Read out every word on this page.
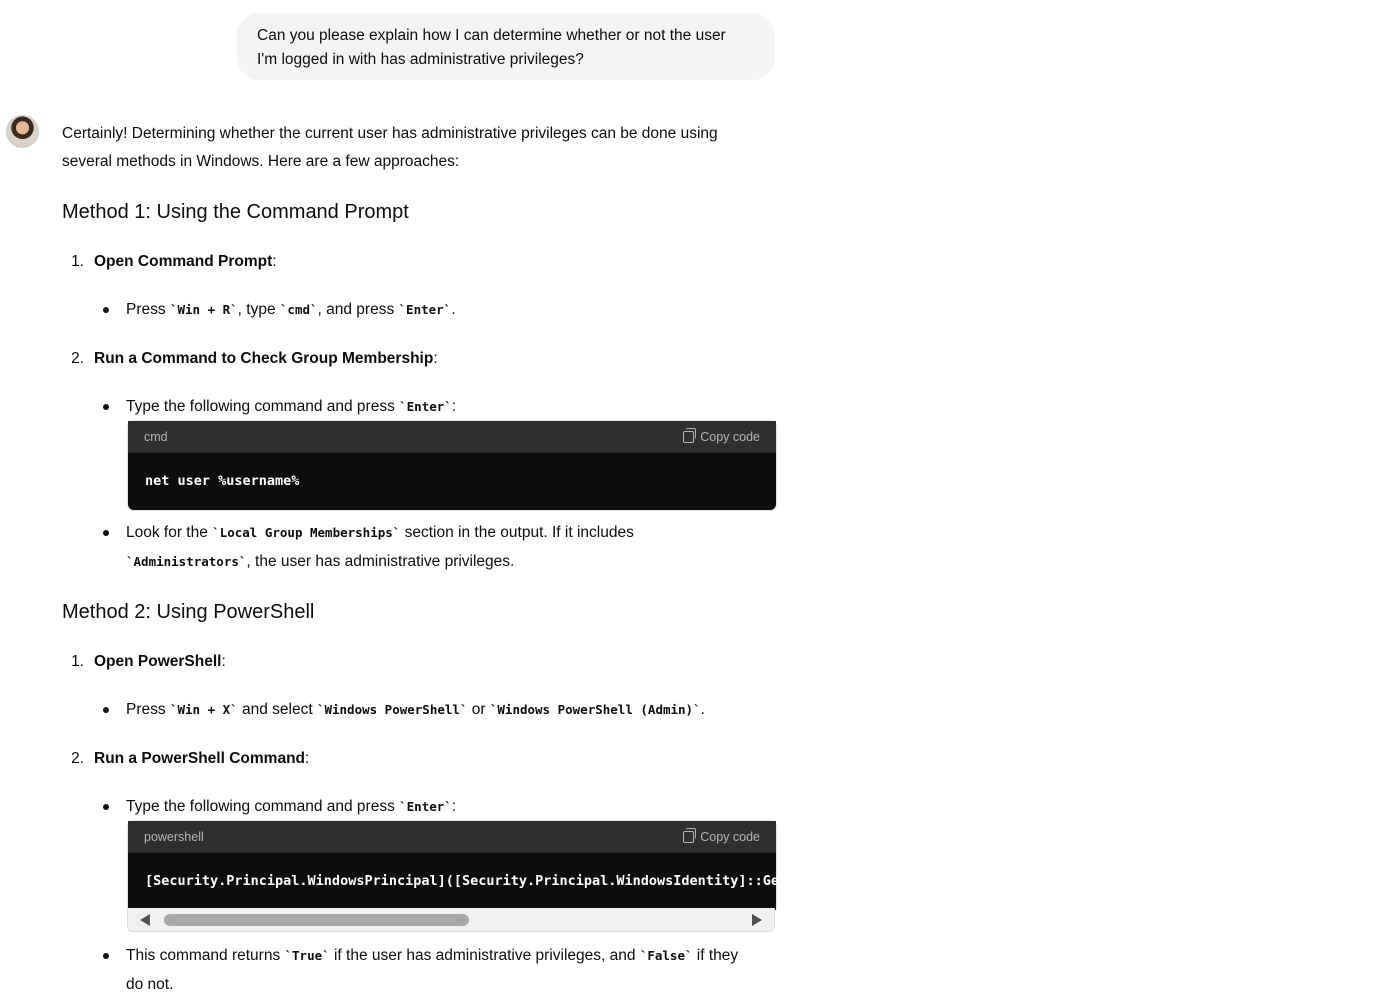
Can you please explain how I can determine whether or not the user
I'm logged in with has administrative privileges?
Certainly! Determining whether the current user has administrative privileges can be done using
several methods in Windows. Here are a few approaches:
Method 1: Using the Command Prompt
1. Open Command Prompt:
Press `Win + R`, type `cmd`, and press `Enter`.
2. Run a Command to Check Group Membership:
Type the following command and press `Enter`:
cmd	Copy code
net user %username%
Look for the `Local Group Memberships` section in the output. If it includes
`Administrators`, the user has administrative privileges.
Method 2: Using PowerShell
1. Open PowerShell:
Press `Win + X` and select `Windows PowerShell` or `Windows PowerShell (Admin)`.
2. Run a PowerShell Command:
Type the following command and press `Enter`:
powershell	Copy code
[Security.Principal.WindowsPrincipal]([Security.Principal.WindowsIdentity]::GetCurrent()).IsInRole([Security.Principal.WindowsBuiltInRole]::Administrator)
This command returns `True` if the user has administrative privileges, and `False` if they
do not.
